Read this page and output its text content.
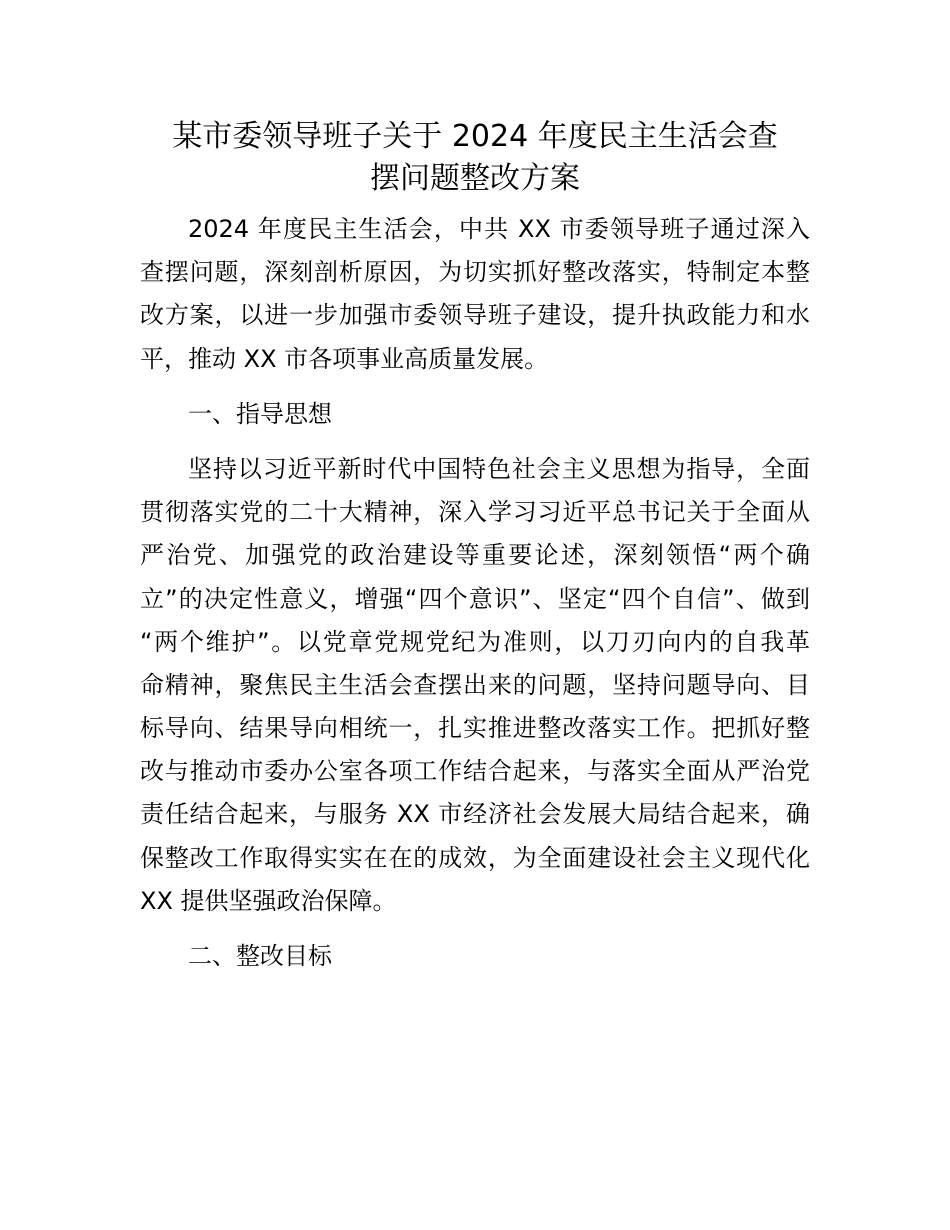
某市委领导班子关于 2024 年度民主生活会查
摆问题整改方案
2024 年度民主生活会，中共 XX 市委领导班子通过深入
查摆问题，深刻剖析原因，为切实抓好整改落实，特制定本整
改方案，以进一步加强市委领导班子建设，提升执政能力和水
平，推动 XX 市各项事业高质量发展。
一、指导思想
坚持以习近平新时代中国特色社会主义思想为指导，全面
贯彻落实党的二十大精神，深入学习习近平总书记关于全面从
严治党、加强党的政治建设等重要论述，深刻领悟“两个确
立”的决定性意义，增强“四个意识”、坚定“四个自信”、做到
“两个维护”。以党章党规党纪为准则，以刀刃向内的自我革
命精神，聚焦民主生活会查摆出来的问题，坚持问题导向、目
标导向、结果导向相统一，扎实推进整改落实工作。把抓好整
改与推动市委办公室各项工作结合起来，与落实全面从严治党
责任结合起来，与服务 XX 市经济社会发展大局结合起来，确
保整改工作取得实实在在的成效，为全面建设社会主义现代化
XX 提供坚强政治保障。
二、整改目标
